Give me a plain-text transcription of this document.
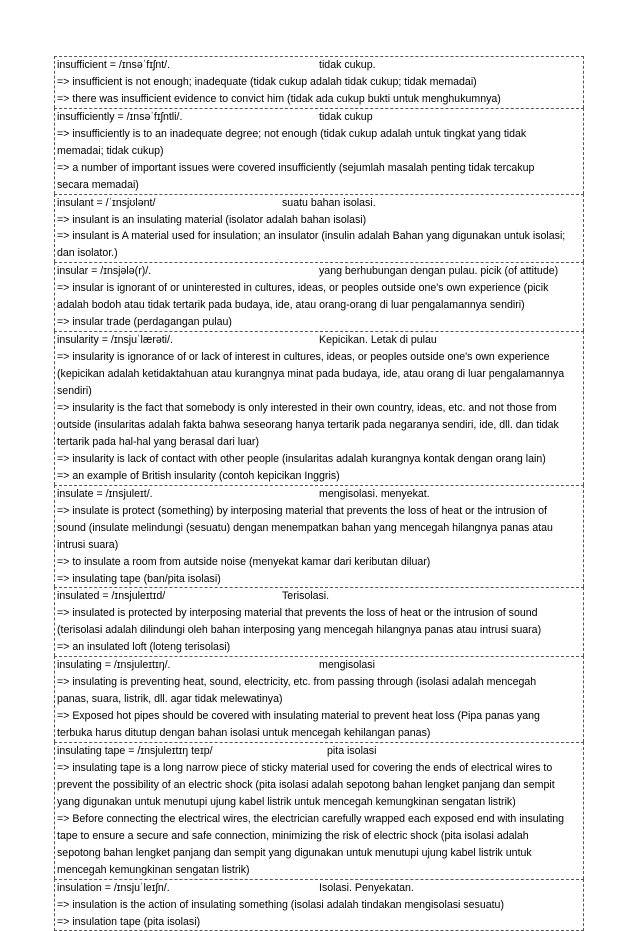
insufficient = /ɪnsəˈfɪʃnt/.	tidak cukup.

=> insufficient is not enough; inadequate (tidak cukup adalah tidak cukup; tidak memadai)

=> there was insufficient evidence to convict him (tidak ada cukup bukti untuk menghukumnya)

insufficiently = /ɪnsəˈfɪʃntli/.	tidak cukup

=> insufficiently is to an inadequate degree; not enough (tidak cukup adalah untuk tingkat yang tidak

memadai; tidak cukup)

=> a number of important issues were covered insufficiently (sejumlah masalah penting tidak tercakup

secara memadai)

insulant = /ˈɪnsjʊlənt/	suatu bahan isolasi.

=> insulant is an insulating material (isolator adalah bahan isolasi)

=> insulant is A material used for insulation; an insulator (insulin adalah Bahan yang digunakan untuk isolasi;

dan isolator.)

insular = /ɪnsjələ(r)/.	yang berhubungan dengan pulau. picik (of attitude)

=> insular is ignorant of or uninterested in cultures, ideas, or peoples outside one's own experience (picik

adalah bodoh atau tidak tertarik pada budaya, ide, atau orang-orang di luar pengalamannya sendiri)

=> insular trade (perdagangan pulau)

insularity = /ɪnsjuˈlærəti/.	Kepicikan. Letak di pulau

=> insularity is ignorance of or lack of interest in cultures, ideas, or peoples outside one's own experience

(kepicikan adalah ketidaktahuan atau kurangnya minat pada budaya, ide, atau orang di luar pengalamannya

sendiri)

=> insularity is the fact that somebody is only interested in their own country, ideas, etc. and not those from

outside (insularitas adalah fakta bahwa seseorang hanya tertarik pada negaranya sendiri, ide, dll. dan tidak

tertarik pada hal-hal yang berasal dari luar)

=> insularity is lack of contact with other people (insularitas adalah kurangnya kontak dengan orang lain)

=> an example of British insularity (contoh kepicikan Inggris)

insulate = /ɪnsjuleɪt/.	mengisolasi. menyekat.

=> insulate is protect (something) by interposing material that prevents the loss of heat or the intrusion of

sound (insulate melindungi (sesuatu) dengan menempatkan bahan yang mencegah hilangnya panas atau

intrusi suara)

=> to insulate a room from autside noise (menyekat kamar dari keributan diluar)

=> insulating tape (ban/pita isolasi)

insulated = /ɪnsjuleɪtɪd/	Terisolasi.

=> insulated is protected by interposing material that prevents the loss of heat or the intrusion of sound

(terisolasi adalah dilindungi oleh bahan interposing yang mencegah hilangnya panas atau intrusi suara)

=> an insulated loft (loteng terisolasi)

insulating = /ɪnsjuleɪtɪŋ/.	mengisolasi

=> insulating is preventing heat, sound, electricity, etc. from passing through (isolasi adalah mencegah

panas, suara, listrik, dll. agar tidak melewatinya)

=> Exposed hot pipes should be covered with insulating material to prevent heat loss (Pipa panas yang

terbuka harus ditutup dengan bahan isolasi untuk mencegah kehilangan panas)

insulating tape = /ɪnsjuleɪtɪŋ teɪp/	pita isolasi

=> insulating tape is a long narrow piece of sticky material used for covering the ends of electrical wires to

prevent the possibility of an electric shock (pita isolasi adalah sepotong bahan lengket panjang dan sempit

yang digunakan untuk menutupi ujung kabel listrik untuk mencegah kemungkinan sengatan listrik)

=> Before connecting the electrical wires, the electrician carefully wrapped each exposed end with insulating

tape to ensure a secure and safe connection, minimizing the risk of electric shock (pita isolasi adalah

sepotong bahan lengket panjang dan sempit yang digunakan untuk menutupi ujung kabel listrik untuk

mencegah kemungkinan sengatan listrik)

insulation = /ɪnsjuˈleɪʃn/.	Isolasi. Penyekatan.

=> insulation is the action of insulating something (isolasi adalah tindakan mengisolasi sesuatu)

=> insulation tape (pita isolasi)
